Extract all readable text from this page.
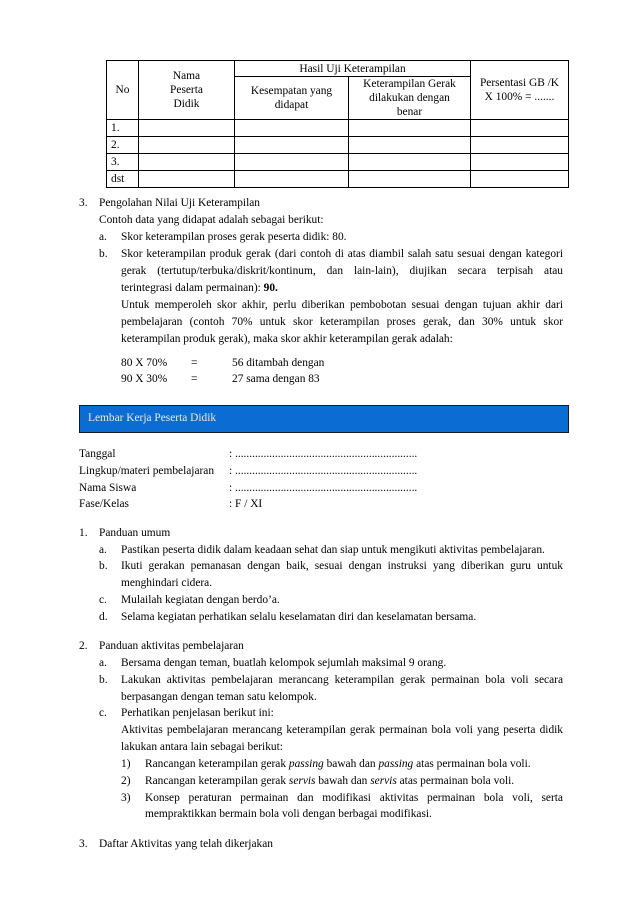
No	Nama Peserta Didik	Hasil Uji Keterampilan		Persentasi GB /K X 100% = .......
		Kesempatan yang didapat	Keterampilan Gerak dilakukan dengan benar	
1.				
2.				
3.				
dst				
3. Pengolahan Nilai Uji Keterampilan
Contoh data yang didapat adalah sebagai berikut:
a. Skor keterampilan proses gerak peserta didik: 80.
b. Skor keterampilan produk gerak (dari contoh di atas diambil salah satu sesuai dengan kategori
gerak (tertutup/terbuka/diskrit/kontinum, dan lain-lain), diujikan secara terpisah atau
terintegrasi dalam permainan): 90.
Untuk memperoleh skor akhir, perlu diberikan pembobotan sesuai dengan tujuan akhir dari
pembelajaran (contoh 70% untuk skor keterampilan proses gerak, dan 30% untuk skor
keterampilan produk gerak), maka skor akhir keterampilan gerak adalah:
80 X 70% =	56 ditambah dengan
90 X 30% =	27 sama dengan 83
Lembar Kerja Peserta Didik
Tanggal	: ................................................................
Lingkup/materi pembelajaran : ................................................................
Nama Siswa	: ................................................................
Fase/Kelas	: F / XI
1. Panduan umum
a. Pastikan peserta didik dalam keadaan sehat dan siap untuk mengikuti aktivitas pembelajaran.
b. Ikuti gerakan pemanasan dengan baik, sesuai dengan instruksi yang diberikan guru untuk
menghindari cidera.
c. Mulailah kegiatan dengan berdo’a.
d. Selama kegiatan perhatikan selalu keselamatan diri dan keselamatan bersama.
2. Panduan aktivitas pembelajaran
a. Bersama dengan teman, buatlah kelompok sejumlah maksimal 9 orang.
b. Lakukan aktivitas pembelajaran merancang keterampilan gerak permainan bola voli secara
berpasangan dengan teman satu kelompok.
c. Perhatikan penjelasan berikut ini:
Aktivitas pembelajaran merancang keterampilan gerak permainan bola voli yang peserta didik
lakukan antara lain sebagai berikut:
1) Rancangan keterampilan gerak passing bawah dan passing atas permainan bola voli.
2) Rancangan keterampilan gerak servis bawah dan servis atas permainan bola voli.
3) Konsep peraturan permainan dan modifikasi aktivitas permainan bola voli, serta
mempraktikkan bermain bola voli dengan berbagai modifikasi.
3. Daftar Aktivitas yang telah dikerjakan
